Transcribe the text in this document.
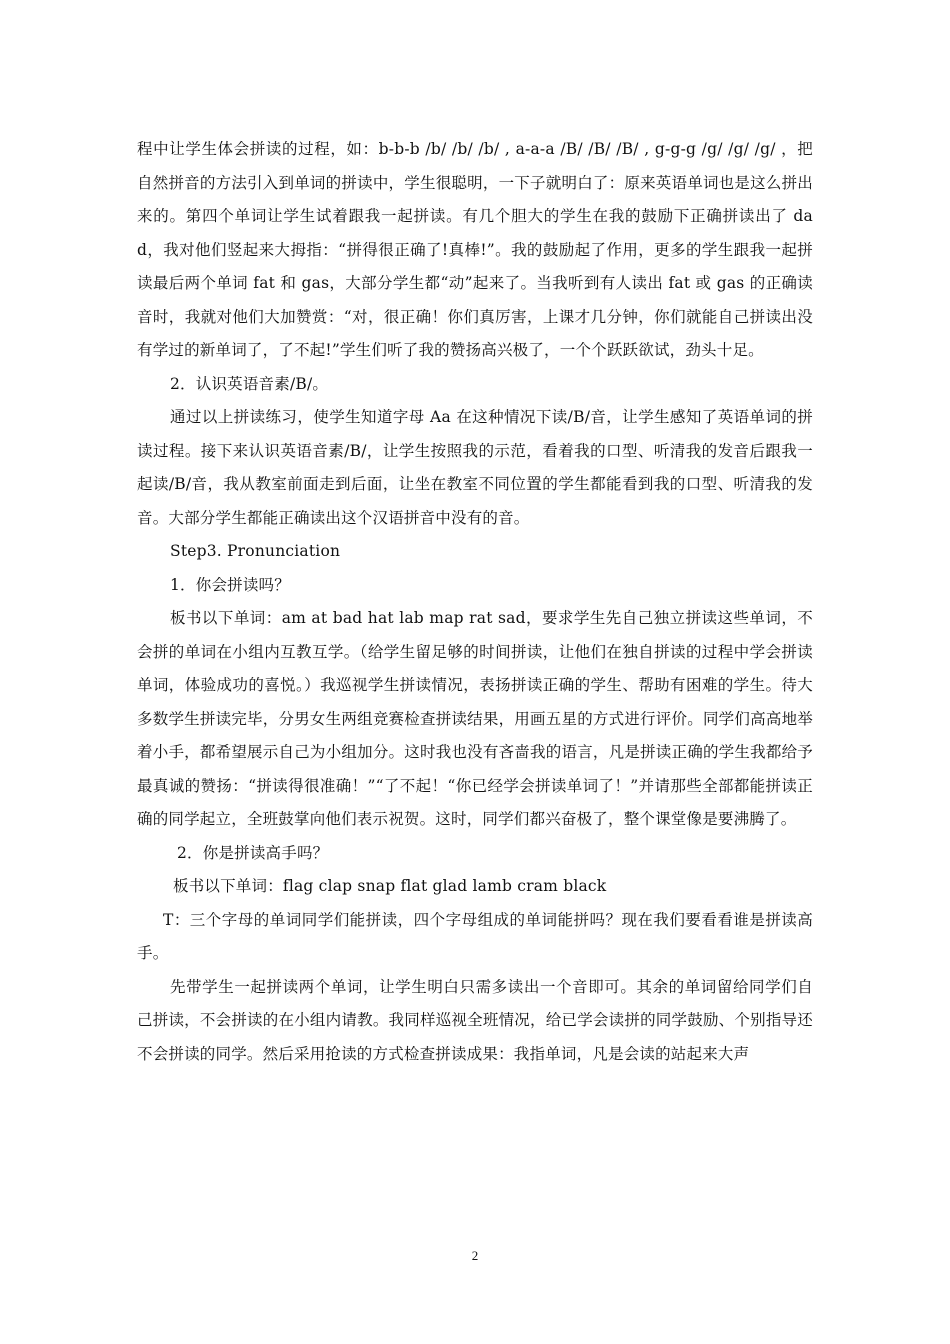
程中让学生体会拼读的过程，如：b-b-b /b/ /b/ /b/ , a-a-a /B/ /B/ /B/ , g-g-g /g/ /g/ /g/ ，把自然拼音的方法引入到单词的拼读中，学生很聪明，一下子就明白了：原来英语单词也是这么拼出来的。第四个单词让学生试着跟我一起拼读。有几个胆大的学生在我的鼓励下正确拼读出了 dad，我对他们竖起来大拇指：“拼得很正确了!真棒!”。我的鼓励起了作用，更多的学生跟我一起拼读最后两个单词 fat 和 gas，大部分学生都“动”起来了。当我听到有人读出 fat 或 gas 的正确读音时，我就对他们大加赞赏：“对，很正确！你们真厉害，上课才几分钟，你们就能自己拼读出没有学过的新单词了，了不起!”学生们听了我的赞扬高兴极了，一个个跃跃欲试，劲头十足。

2．认识英语音素/B/。

通过以上拼读练习，使学生知道字母 Aa 在这种情况下读/B/音，让学生感知了英语单词的拼读过程。接下来认识英语音素/B/，让学生按照我的示范，看着我的口型、听清我的发音后跟我一起读/B/音，我从教室前面走到后面，让坐在教室不同位置的学生都能看到我的口型、听清我的发音。大部分学生都能正确读出这个汉语拼音中没有的音。

Step3. Pronunciation

1．你会拼读吗？

板书以下单词：am at bad hat lab map rat sad，要求学生先自己独立拼读这些单词，不会拼的单词在小组内互教互学。（给学生留足够的时间拼读，让他们在独自拼读的过程中学会拼读单词，体验成功的喜悦。）我巡视学生拼读情况，表扬拼读正确的学生、帮助有困难的学生。待大多数学生拼读完毕，分男女生两组竞赛检查拼读结果，用画五星的方式进行评价。同学们高高地举着小手，都希望展示自己为小组加分。这时我也没有吝啬我的语言，凡是拼读正确的学生我都给予最真诚的赞扬：“拼读得很准确！”“了不起！“你已经学会拼读单词了！”并请那些全部都能拼读正确的同学起立，全班鼓掌向他们表示祝贺。这时，同学们都兴奋极了，整个课堂像是要沸腾了。

2．你是拼读高手吗？

板书以下单词：flag clap snap flat glad lamb cram black

T：三个字母的单词同学们能拼读，四个字母组成的单词能拼吗？现在我们要看看谁是拼读高手。

先带学生一起拼读两个单词，让学生明白只需多读出一个音即可。其余的单词留给同学们自己拼读，不会拼读的在小组内请教。我同样巡视全班情况，给已学会读拼的同学鼓励、个别指导还不会拼读的同学。然后采用抢读的方式检查拼读成果：我指单词，凡是会读的站起来大声

2
